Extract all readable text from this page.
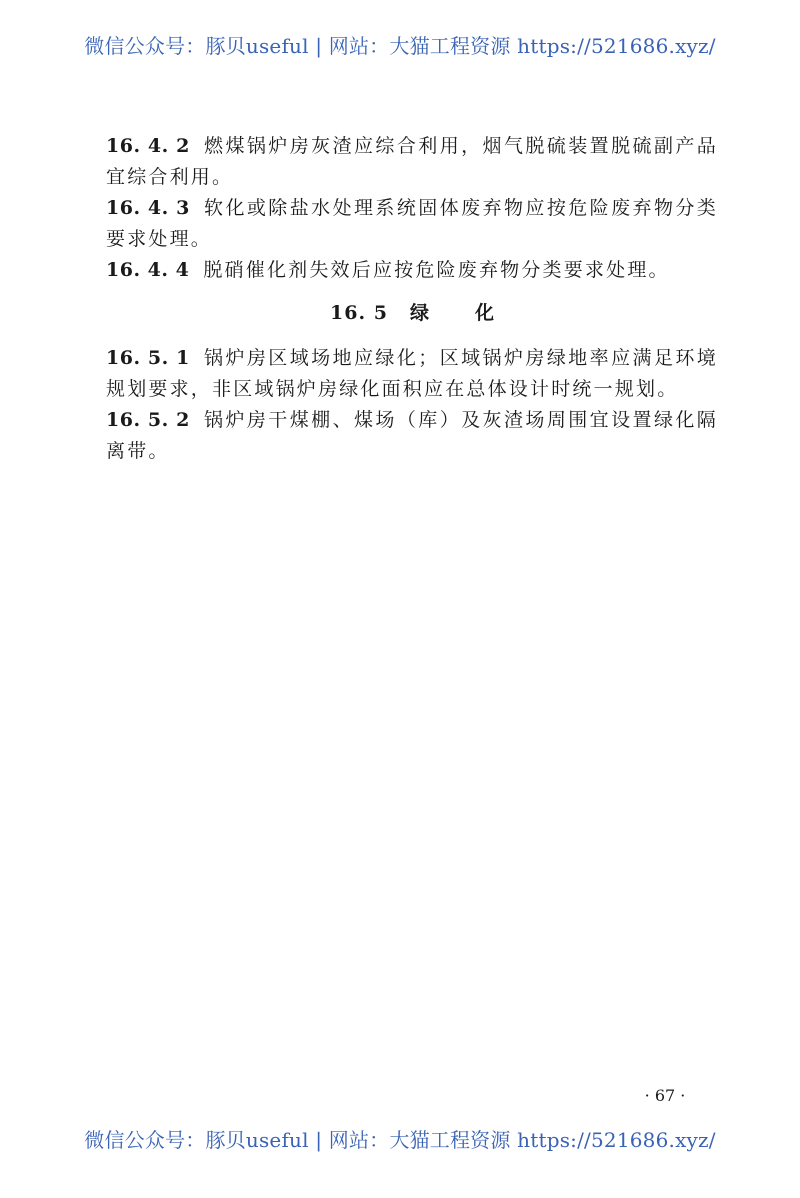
微信公众号：豚贝useful | 网站：大猫工程资源 https://521686.xyz/

16. 4. 2 燃煤锅炉房灰渣应综合利用，烟气脱硫装置脱硫副产品宜综合利用。

16. 4. 3 软化或除盐水处理系统固体废弃物应按危险废弃物分类要求处理。

16. 4. 4 脱硝催化剂失效后应按危险废弃物分类要求处理。

16. 5 绿化

16. 5. 1 锅炉房区域场地应绿化；区域锅炉房绿地率应满足环境规划要求，非区域锅炉房绿化面积应在总体设计时统一规划。

16. 5. 2 锅炉房干煤棚、煤场（库）及灰渣场周围宜设置绿化隔离带。

· 67 ·
微信公众号：豚贝useful | 网站：大猫工程资源 https://521686.xyz/
